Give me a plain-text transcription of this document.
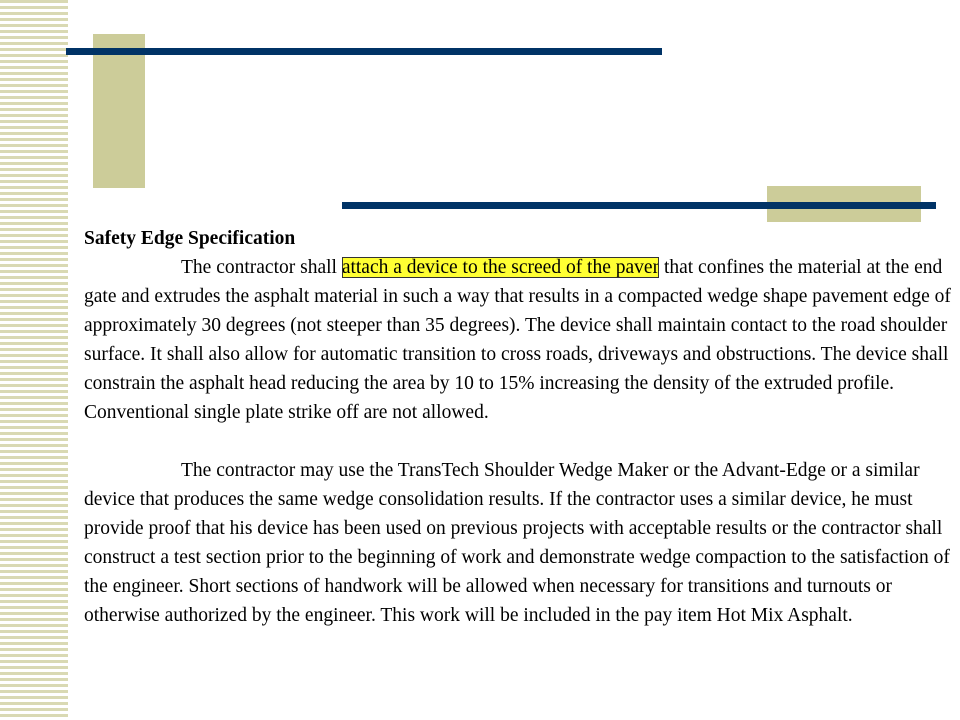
Safety Edge Specification

The contractor shall attach a device to the screed of the paver that confines the material at the end gate and extrudes the asphalt material in such a way that results in a compacted wedge shape pavement edge of approximately 30 degrees (not steeper than 35 degrees). The device shall maintain contact to the road shoulder surface. It shall also allow for automatic transition to cross roads, driveways and obstructions. The device shall constrain the asphalt head reducing the area by 10 to 15% increasing the density of the extruded profile. Conventional single plate strike off are not allowed.

The contractor may use the TransTech Shoulder Wedge Maker or the Advant-Edge or a similar device that produces the same wedge consolidation results. If the contractor uses a similar device, he must provide proof that his device has been used on previous projects with acceptable results or the contractor shall construct a test section prior to the beginning of work and demonstrate wedge compaction to the satisfaction of the engineer. Short sections of handwork will be allowed when necessary for transitions and turnouts or otherwise authorized by the engineer. This work will be included in the pay item Hot Mix Asphalt.
